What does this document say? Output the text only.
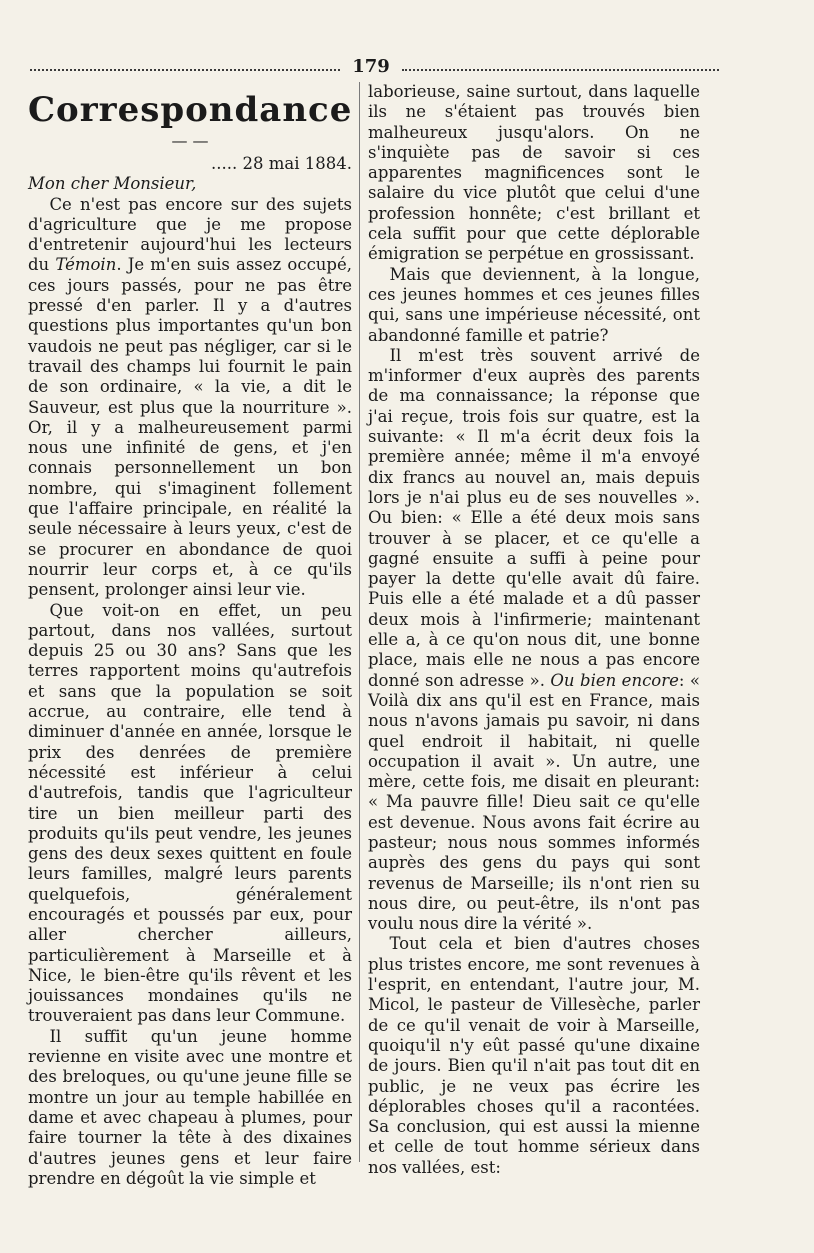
179
Correspondance
— —

..... 28 mai 1884.

Mon cher Monsieur,

Ce n'est pas encore sur des sujets d'agriculture que je me propose d'entretenir aujourd'hui les lecteurs du Témoin. Je m'en suis assez occupé, ces jours passés, pour ne pas être pressé d'en parler. Il y a d'autres questions plus importantes qu'un bon vaudois ne peut pas négliger, car si le travail des champs lui fournit le pain de son ordinaire, « la vie, a dit le Sauveur, est plus que la nourriture ». Or, il y a malheureusement parmi nous une infinité de gens, et j'en connais personnellement un bon nombre, qui s'imaginent follement que l'affaire principale, en réalité la seule nécessaire à leurs yeux, c'est de se procurer en abondance de quoi nourrir leur corps et, à ce qu'ils pensent, prolonger ainsi leur vie.

Que voit-on en effet, un peu partout, dans nos vallées, surtout depuis 25 ou 30 ans? Sans que les terres rapportent moins qu'autrefois et sans que la population se soit accrue, au contraire, elle tend à diminuer d'année en année, lorsque le prix des denrées de première nécessité est inférieur à celui d'autrefois, tandis que l'agriculteur tire un bien meilleur parti des produits qu'ils peut vendre, les jeunes gens des deux sexes quittent en foule leurs familles, malgré leurs parents quelquefois, généralement encouragés et poussés par eux, pour aller chercher ailleurs, particulièrement à Marseille et à Nice, le bien-être qu'ils rêvent et les jouissances mondaines qu'ils ne trouveraient pas dans leur Commune.

Il suffit qu'un jeune homme revienne en visite avec une montre et des breloques, ou qu'une jeune fille se montre un jour au temple habillée en dame et avec chapeau à plumes, pour faire tourner la tête à des dixaines d'autres jeunes gens et leur faire prendre en dégoût la vie simple et

laborieuse, saine surtout, dans laquelle ils ne s'étaient pas trouvés bien malheureux jusqu'alors. On ne s'inquiète pas de savoir si ces apparentes magnificences sont le salaire du vice plutôt que celui d'une profession honnête; c'est brillant et cela suffit pour que cette déplorable émigration se perpétue en grossissant.

Mais que deviennent, à la longue, ces jeunes hommes et ces jeunes filles qui, sans une impérieuse nécessité, ont abandonné famille et patrie?

Il m'est très souvent arrivé de m'informer d'eux auprès des parents de ma connaissance; la réponse que j'ai reçue, trois fois sur quatre, est la suivante: « Il m'a écrit deux fois la première année; même il m'a envoyé dix francs au nouvel an, mais depuis lors je n'ai plus eu de ses nouvelles ». Ou bien: « Elle a été deux mois sans trouver à se placer, et ce qu'elle a gagné ensuite a suffi à peine pour payer la dette qu'elle avait dû faire. Puis elle a été malade et a dû passer deux mois à l'infirmerie; maintenant elle a, à ce qu'on nous dit, une bonne place, mais elle ne nous a pas encore donné son adresse ». Ou bien encore: « Voilà dix ans qu'il est en France, mais nous n'avons jamais pu savoir, ni dans quel endroit il habitait, ni quelle occupation il avait ». Un autre, une mère, cette fois, me disait en pleurant: « Ma pauvre fille! Dieu sait ce qu'elle est devenue. Nous avons fait écrire au pasteur; nous nous sommes informés auprès des gens du pays qui sont revenus de Marseille; ils n'ont rien su nous dire, ou peut-être, ils n'ont pas voulu nous dire la vérité ».

Tout cela et bien d'autres choses plus tristes encore, me sont revenues à l'esprit, en entendant, l'autre jour, M. Micol, le pasteur de Villesèche, parler de ce qu'il venait de voir à Marseille, quoiqu'il n'y eût passé qu'une dixaine de jours. Bien qu'il n'ait pas tout dit en public, je ne veux pas écrire les déplorables choses qu'il a racontées. Sa conclusion, qui est aussi la mienne et celle de tout homme sérieux dans nos vallées, est:
